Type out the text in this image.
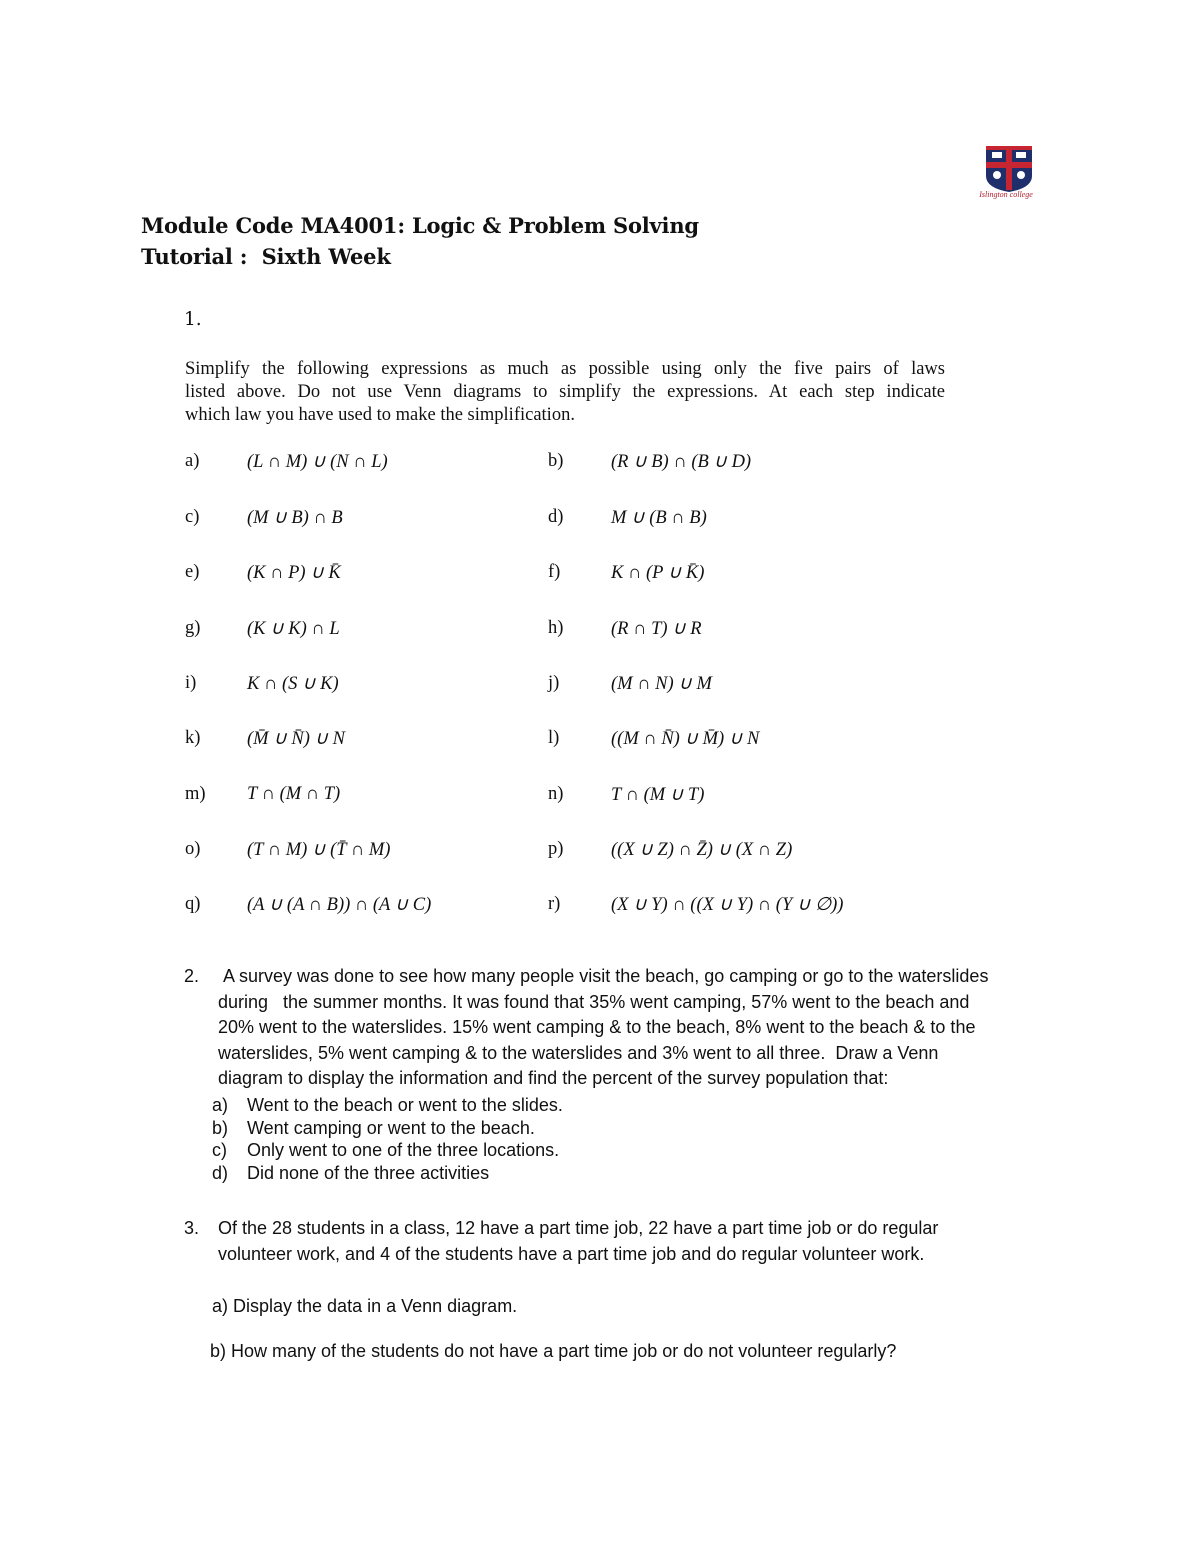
Islington college
Module Code MA4001: Logic & Problem Solving
Tutorial :  Sixth Week
1.
Simplify the following expressions as much as possible using only the five pairs of laws
listed above. Do not use Venn diagrams to simplify the expressions. At each step indicate
which law you have used to make the simplification.
a)	(L ∩ M) ∪ (N ∩ L)	b)	(R ∪ B) ∩ (B ∪ D)
c)	(M ∪ B) ∩ B	d)	M ∪ (B ∩ B)
e)	(K ∩ P) ∪ K̄	f)	K ∩ (P ∪ K̄)
g)	(K ∪ K) ∩ L	h)	(R ∩ T) ∪ R
i)	K ∩ (S ∪ K)	j)	(M ∩ N) ∪ M
k)	(M̄ ∪ N̄) ∪ N	l)	((M ∩ N̄) ∪ M̄) ∪ N
m) T ∩ (M ∩ T)	n)	T ∩ (M ∪ T)
o)	(T ∩ M) ∪ (T̄ ∩ M)	p)	((X ∪ Z) ∩ Z̄) ∪ (X ∩ Z)
q)	(A ∪ (A ∩ B)) ∩ (A ∪ C)	r)	(X ∪ Y) ∩ ((X ∪ Y) ∩ (Y ∪ ∅))
2. A survey was done to see how many people visit the beach, go camping or go to the waterslides
during   the summer months. It was found that 35% went camping, 57% went to the beach and
20% went to the waterslides. 15% went camping & to the beach, 8% went to the beach & to the
waterslides, 5% went camping & to the waterslides and 3% went to all three.  Draw a Venn
diagram to display the information and find the percent of the survey population that:
a)	Went to the beach or went to the slides.
b)	Went camping or went to the beach.
c)	Only went to one of the three locations.
d)	Did none of the three activities
3. Of the 28 students in a class, 12 have a part time job, 22 have a part time job or do regular
volunteer work, and 4 of the students have a part time job and do regular volunteer work.
a) Display the data in a Venn diagram.
b) How many of the students do not have a part time job or do not volunteer regularly?
